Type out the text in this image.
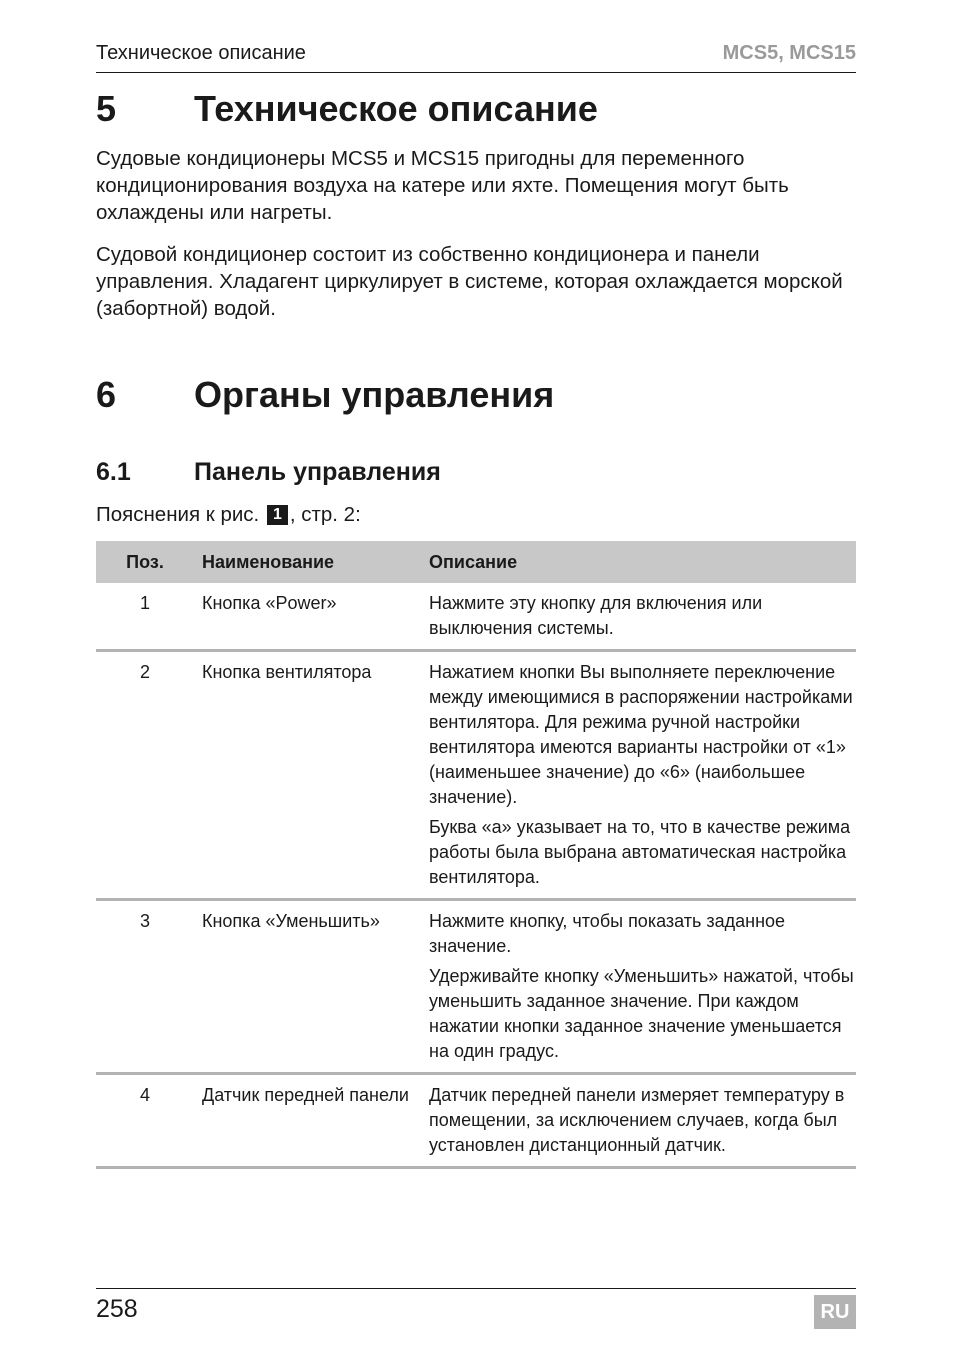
Техническое описание	MCS5, MCS15
5 Техническое описание

Судовые кондиционеры MCS5 и MCS15 пригодны для переменного кондиционирования воздуха на катере или яхте. Помещения могут быть охлаждены или нагреты.

Судовой кондиционер состоит из собственно кондиционера и панели управления. Хладагент циркулирует в системе, которая охлаждается морской (забортной) водой.

6 Органы управления
6.1	Панель управления
Пояснения к рис. 1 , стр. 2:
Поз.	Наименование	Описание
1	Кнопка «Power»	Нажмите эту кнопку для включения или выключения системы.

2	Кнопка вентилятора	Нажатием кнопки Вы выполняете переключение между имеющимися в распоряжении настройками вентилятора. Для режима ручной настройки вентилятора имеются варианты настройки от «1» (наименьшее значение) до «6» (наибольшее значение).

Буква «a» указывает на то, что в качестве режима работы была выбрана автоматическая настройка вентилятора.

3	Кнопка «Уменьшить»	Нажмите кнопку, чтобы показать заданное значение.

Удерживайте кнопку «Уменьшить» нажатой, чтобы уменьшить заданное значение. При каждом нажатии кнопки заданное значение уменьшается на один градус.

4	Датчик передней панели	Датчик передней панели измеряет температуру в помещении, за исключением случаев, когда был установлен дистанционный датчик.

258	RU
